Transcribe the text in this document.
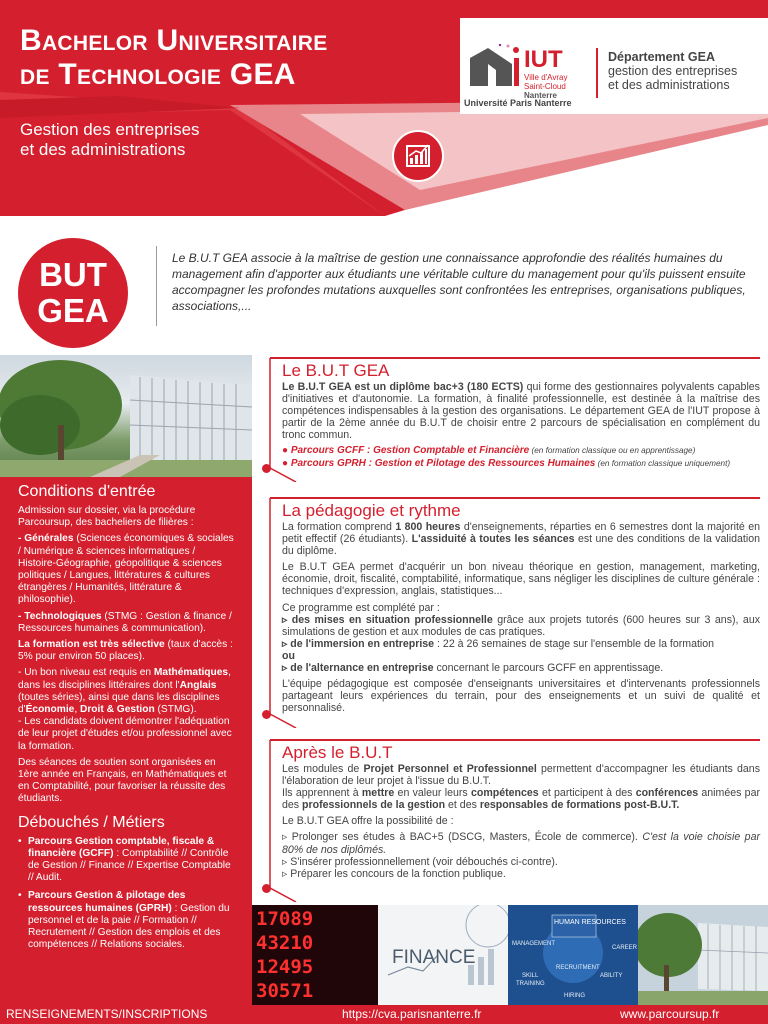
Bachelor Universitaire
de Technologie GEA
Gestion des entreprises
et des administrations
IUT
Ville d'Avray
Saint-Cloud
Nanterre
Université Paris Nanterre
Département GEA
gestion des entreprises
et des administrations
BUT
GEA
Le B.U.T GEA associe à la maîtrise de gestion une connaissance approfondie des réalités humaines du management afin d'apporter aux étudiants une véritable culture du management pour qu'ils puissent ensuite accompagner les profondes mutations auxquelles sont confrontées les entreprises, organisations publiques, associations,...
Conditions d'entrée

Admission sur dossier, via la procédure Parcoursup, des bacheliers de filières :

- Générales (Sciences économiques & sociales / Numérique & sciences informatiques / Histoire-Géographie, géopolitique & sciences politiques / Langues, littératures & cultures étrangères / Humanités, littérature & philosophie).

- Technologiques (STMG : Gestion & finance / Ressources humaines & communication).

La formation est très sélective (taux d'accès : 5% pour environ 50 places).

- Un bon niveau est requis en Mathématiques, dans les disciplines littéraires dont l'Anglais (toutes séries), ainsi que dans les disciplines d'Économie, Droit & Gestion (STMG).

- Les candidats doivent démontrer l'adéquation de leur projet d'études et/ou professionnel avec la formation.

Des séances de soutien sont organisées en 1ère année en Français, en Mathématiques et en Comptabilité, pour favoriser la réussite des étudiants.

Débouchés / Métiers
• Parcours Gestion comptable, fiscale & financière (GCFF) : Comptabilité // Contrôle de Gestion // Finance // Expertise Comptable // Audit.
• Parcours Gestion & pilotage des ressources humaines (GPRH) : Gestion du personnel et de la paie // Formation // Recrutement // Gestion des emplois et des compétences // Relations sociales.
Le B.U.T GEA

Le B.U.T GEA est un diplôme bac+3 (180 ECTS) qui forme des gestionnaires polyvalents capables d'initiatives et d'autonomie. La formation, à finalité professionnelle, est destinée à la maîtrise des compétences indispensables à la gestion des organisations. Le département GEA de l'IUT propose à partir de la 2ème année du B.U.T de choisir entre 2 parcours de spécialisation en complément du tronc commun.

● Parcours GCFF : Gestion Comptable et Financière (en formation classique ou en apprentissage)
● Parcours GPRH : Gestion et Pilotage des Ressources Humaines (en formation classique uniquement)
La pédagogie et rythme

La formation comprend 1 800 heures d'enseignements, réparties en 6 semestres dont la majorité en petit effectif (26 étudiants). L'assiduité à toutes les séances est une des conditions de la validation du diplôme.

Le B.U.T GEA permet d'acquérir un bon niveau théorique en gestion, management, marketing, économie, droit, fiscalité, comptabilité, informatique, sans négliger les disciplines de culture générale : techniques d'expression, anglais, statistiques...

Ce programme est complété par :

▹ des mises en situation professionnelle grâce aux projets tutorés (600 heures sur 3 ans), aux simulations de gestion et aux modules de cas pratiques.

▹ de l'immersion en entreprise : 22 à 26 semaines de stage sur l'ensemble de la formation

ou

▹ de l'alternance en entreprise concernant le parcours GCFF en apprentissage.

L'équipe pédagogique est composée d'enseignants universitaires et d'intervenants professionnels partageant leurs expériences du terrain, pour des enseignements et un suivi de qualité et personnalisé.

Après le B.U.T

Les modules de Projet Personnel et Professionnel permettent d'accompagner les étudiants dans l'élaboration de leur projet à l'issue du B.U.T.

Ils apprennent à mettre en valeur leurs compétences et participent à des conférences animées par des professionnels de la gestion et des responsables de formations post-B.U.T.

Le B.U.T GEA offre la possibilité de :

▹ Prolonger ses études à BAC+5 (DSCG, Masters, École de commerce). C'est la voie choisie par 80% de nos diplômés.

▹ S'insérer professionnellement (voir débouchés ci-contre).

▹ Préparer les concours de la fonction publique.

17089
43210
12495
30571
FINANCE
HUMAN RESOURCES
MANAGEMENT
CAREER
RECRUITMENT
SKILL
TRAINING
ABILITY
HIRING
RENSEIGNEMENTS/INSCRIPTIONS	https://cva.parisnanterre.fr	www.parcoursup.fr
